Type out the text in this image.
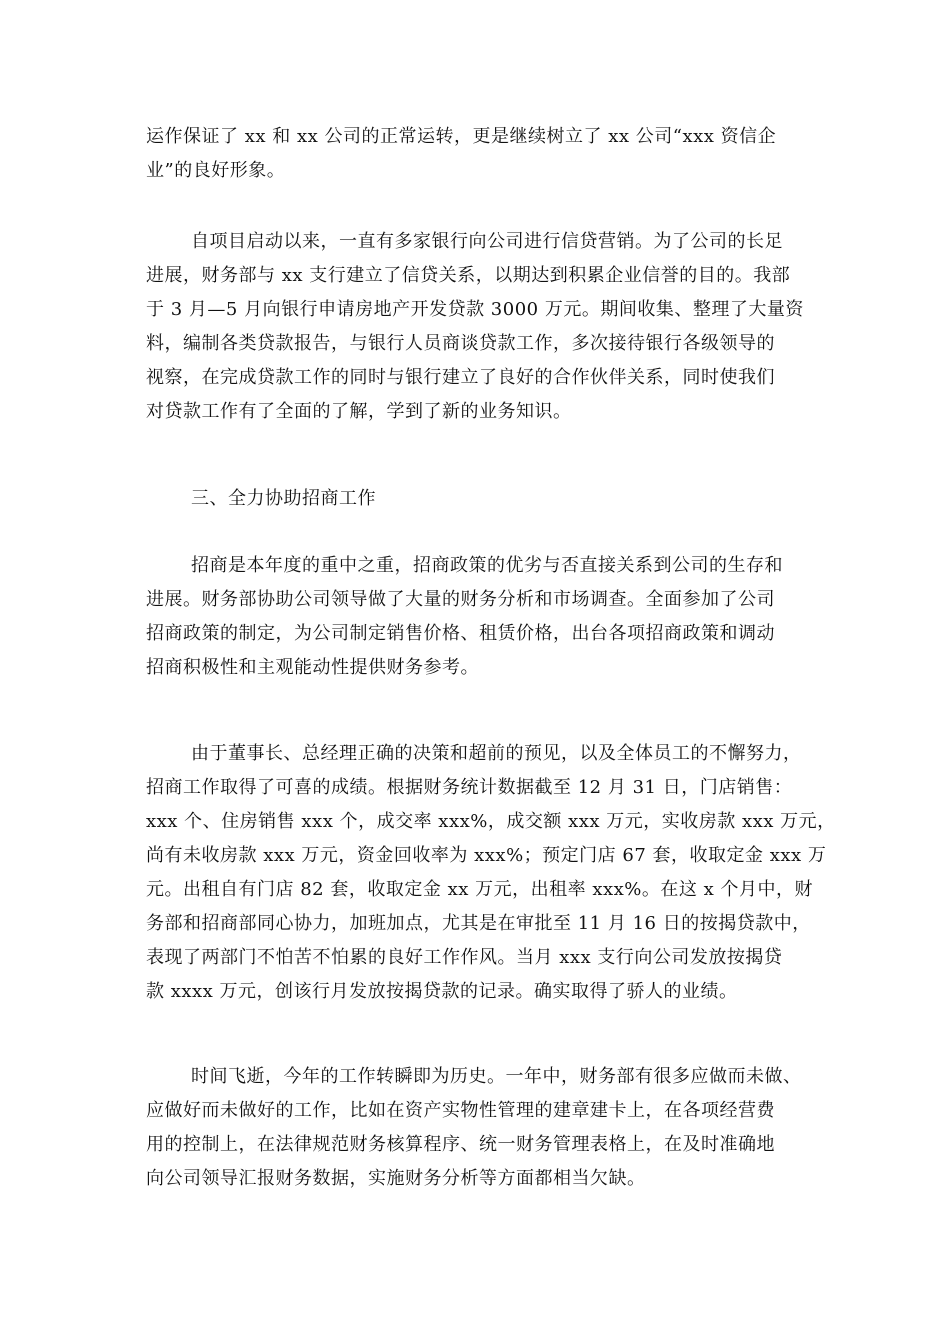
运作保证了 xx 和 xx 公司的正常运转，更是继续树立了 xx 公司“xxx 资信企
业”的良好形象。
自项目启动以来，一直有多家银行向公司进行信贷营销。为了公司的长足
进展，财务部与 xx 支行建立了信贷关系，以期达到积累企业信誉的目的。我部
于 3 月—5 月向银行申请房地产开发贷款 3000 万元。期间收集、整理了大量资
料，编制各类贷款报告，与银行人员商谈贷款工作，多次接待银行各级领导的
视察，在完成贷款工作的同时与银行建立了良好的合作伙伴关系，同时使我们
对贷款工作有了全面的了解，学到了新的业务知识。
三、全力协助招商工作
招商是本年度的重中之重，招商政策的优劣与否直接关系到公司的生存和
进展。财务部协助公司领导做了大量的财务分析和市场调查。全面参加了公司
招商政策的制定，为公司制定销售价格、租赁价格，出台各项招商政策和调动
招商积极性和主观能动性提供财务参考。
由于董事长、总经理正确的决策和超前的预见，以及全体员工的不懈努力，
招商工作取得了可喜的成绩。根据财务统计数据截至 12 月 31 日，门店销售：
xxx 个、住房销售 xxx 个，成交率 xxx%，成交额 xxx 万元，实收房款 xxx 万元，
尚有未收房款 xxx 万元，资金回收率为 xxx%；预定门店 67 套，收取定金 xxx 万
元。出租自有门店 82 套，收取定金 xx 万元，出租率 xxx%。在这 x 个月中，财
务部和招商部同心协力，加班加点，尤其是在审批至 11 月 16 日的按揭贷款中，
表现了两部门不怕苦不怕累的良好工作作风。当月 xxx 支行向公司发放按揭贷
款 xxxx 万元，创该行月发放按揭贷款的记录。确实取得了骄人的业绩。
时间飞逝，今年的工作转瞬即为历史。一年中，财务部有很多应做而未做、
应做好而未做好的工作，比如在资产实物性管理的建章建卡上，在各项经营费
用的控制上，在法律规范财务核算程序、统一财务管理表格上，在及时准确地
向公司领导汇报财务数据，实施财务分析等方面都相当欠缺。
